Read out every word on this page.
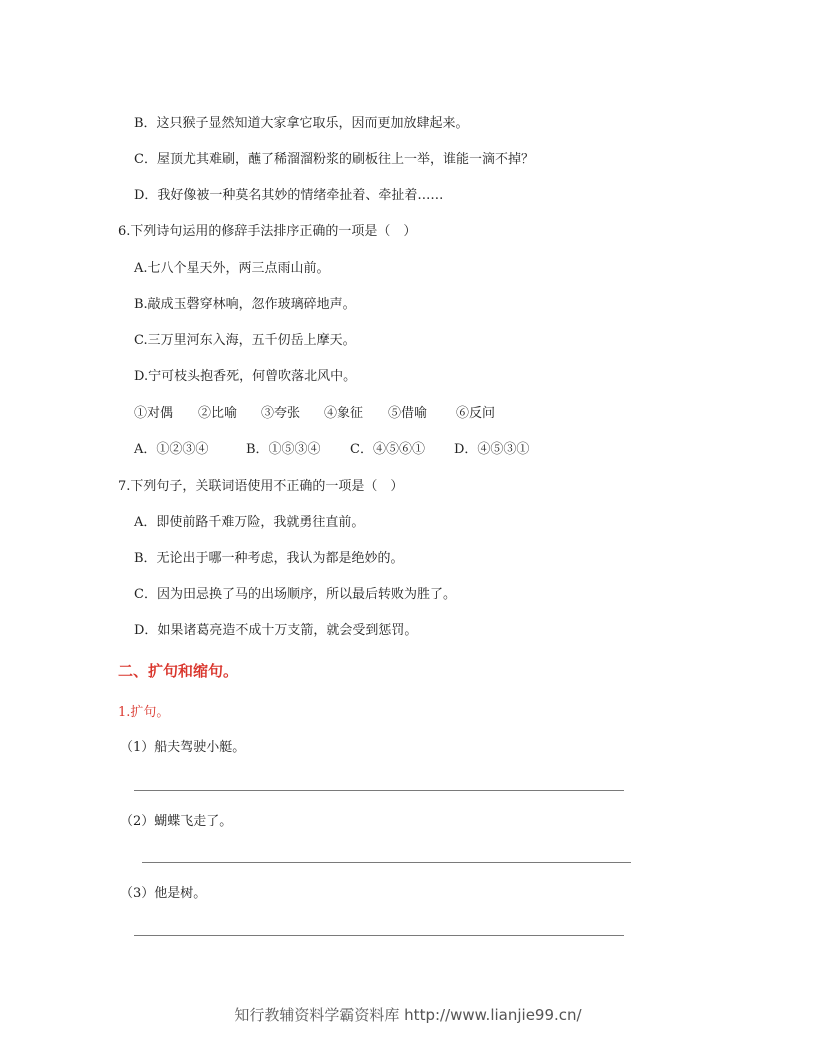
B．这只猴子显然知道大家拿它取乐，因而更加放肆起来。
C．屋顶尤其难刷，蘸了稀溜溜粉浆的刷板往上一举，谁能一滴不掉？
D．我好像被一种莫名其妙的情绪牵扯着、牵扯着……
6.下列诗句运用的修辞手法排序正确的一项是（　）
A.七八个星天外，两三点雨山前。
B.敲成玉磬穿林响，忽作玻璃碎地声。
C.三万里河东入海，五千仞岳上摩天。
D.宁可枝头抱香死，何曾吹落北风中。
①对偶 ②比喻 ③夸张 ④象征 ⑤借喻 ⑥反问
A．①②③④	B．①⑤③④ C．④⑤⑥① D．④⑤③①
7.下列句子，关联词语使用不正确的一项是（　）
A．即使前路千难万险，我就勇往直前。
B．无论出于哪一种考虑，我认为都是绝妙的。
C．因为田忌换了马的出场顺序，所以最后转败为胜了。
D．如果诸葛亮造不成十万支箭，就会受到惩罚。
二、扩句和缩句。
1.扩句。
（1）船夫驾驶小艇。
（2）蝴蝶飞走了。
（3）他是树。
知行教辅资料学霸资料库 http://www.lianjie99.cn/
